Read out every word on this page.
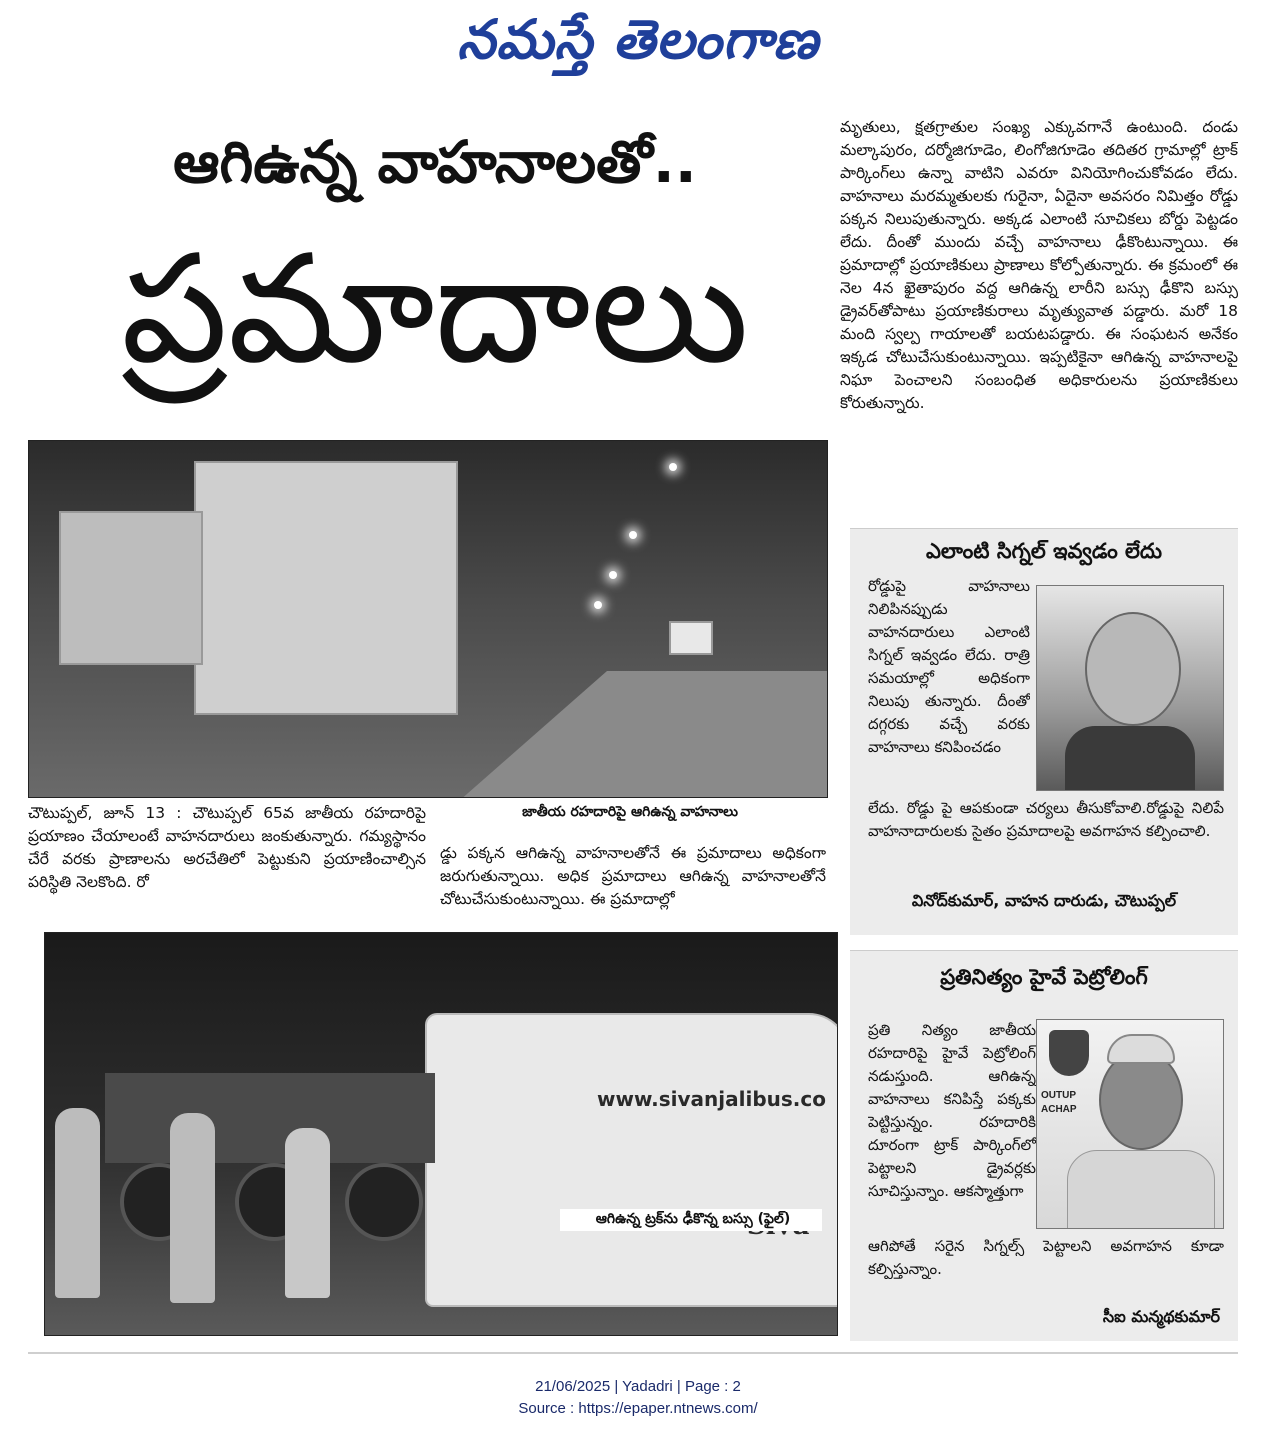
నమస్తే తెలంగాణ
ఆగిఉన్న వాహనాలతో..
ప్రమాదాలు
జాతీయ రహదారిపై ఆగిఉన్న వాహనాలు
చౌటుప్పల్, జూన్ 13 : చౌటుప్పల్ 65వ జాతీయ రహదారిపై ప్రయాణం చేయాలంటే వాహనదారులు జంకుతున్నారు. గమ్యస్థానం చేరే వరకు ప్రాణాలను అరచేతిలో పెట్టుకుని ప్రయాణించాల్సిన పరిస్థితి నెలకొంది. రో
డ్డు పక్కన ఆగిఉన్న వాహనాలతోనే ఈ ప్రమాదాలు అధికంగా జరుగుతున్నాయి. అధిక ప్రమాదాలు ఆగిఉన్న వాహనాలతోనే చోటుచేసుకుంటున్నాయి. ఈ ప్రమాదాల్లో
www.sivanjalibus.co
ఆగిఉన్న ట్రక్‌ను ఢీకొన్న బస్సు (ఫైల్)
మృతులు, క్షతగ్రాతుల సంఖ్య ఎక్కువగానే ఉంటుంది. దండు మల్కాపురం, దర్మోజిగూడెం, లింగోజిగూడెం తదితర గ్రామాల్లో ట్రాక్ పార్కింగ్‌లు ఉన్నా వాటిని ఎవరూ వినియోగించుకోవడం లేదు. వాహనాలు మరమ్మతులకు గురైనా, ఏదైనా అవసరం నిమిత్తం రోడ్డు పక్కన నిలుపుతున్నారు. అక్కడ ఎలాంటి సూచికలు బోర్డు పెట్టడం లేదు. దీంతో ముందు వచ్చే వాహనాలు ఢీకొంటున్నాయి. ఈ ప్రమాదాల్లో ప్రయాణికులు ప్రాణాలు కోల్పోతున్నారు. ఈ క్రమంలో ఈ నెల 4న ఖైతాపురం వద్ద ఆగిఉన్న లారీని బస్సు ఢీకొని బస్సు డ్రైవర్‌తోపాటు ప్రయాణికురాలు మృత్యువాత పడ్డారు. మరో 18 మంది స్వల్ప గాయాలతో బయటపడ్డారు. ఈ సంఘటన అనేకం ఇక్కడ చోటుచేసుకుంటున్నాయి. ఇప్పటికైనా ఆగిఉన్న వాహనాలపై నిఘా పెంచాలని సంబంధిత అధికారులను ప్రయాణికులు కోరుతున్నారు.
ఎలాంటి సిగ్నల్ ఇవ్వడం లేదు
రోడ్డుపై వాహనాలు నిలిపినప్పుడు వాహనదారులు ఎలాంటి సిగ్నల్ ఇవ్వడం లేదు. రాత్రి సమయాల్లో అధికంగా నిలుపు తున్నారు. దీంతో దగ్గరకు వచ్చే వరకు వాహనాలు కనిపించడం
లేదు. రోడ్డు పై ఆపకుండా చర్యలు తీసుకోవాలి.రోడ్డుపై నిలిపే వాహనాదారులకు సైతం ప్రమాదాలపై అవగాహన కల్పించాలి.
వినోద్‌కుమార్, వాహన దారుడు, చౌటుప్పల్
ప్రతినిత్యం హైవే పెట్రోలింగ్
ప్రతి నిత్యం జాతీయ రహదారిపై హైవే పెట్రోలింగ్ నడుస్తుంది. ఆగిఉన్న వాహనాలు కనిపిస్తే పక్కకు పెట్టిస్తున్నం. రహదారికి దూరంగా ట్రాక్ పార్కింగ్‌లో పెట్టాలని డ్రైవర్లకు సూచిస్తున్నాం. ఆకస్మాత్తుగా
OUTUP
ACHAP
ఆగిపోతే సరైన సిగ్నల్స్ పెట్టాలని అవగాహన కూడా కల్పిస్తున్నాం.
సీఐ మన్మథకుమార్
21/06/2025 | Yadadri | Page : 2
Source : https://epaper.ntnews.com/
